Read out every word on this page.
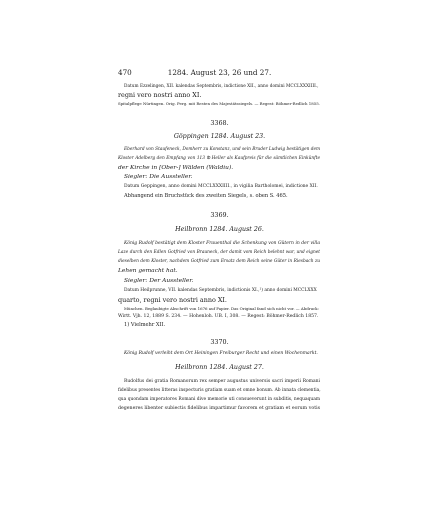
470	1284. August 23, 26 und 27.
Datum Ezzelingen, XII. kalendas Septembris, indictione XII., anno domini MCCLXXXIIII.,
regni vero nostri anno XI.
Spitalpflege Nürtingen. Orig. Perg. mit Resten des Majestätssiegels. — Regest: Böhmer-Redlich 1855.
3368.
Göppingen 1284. August 23.
Eberhard von Staufeneck, Domherr zu Konstanz, und sein Bruder Ludwig bestätigen dem
Kloster Adelberg den Empfang von 113 ℔ Heller als Kaufpreis für die sämtlichen Einkünfte
der Kirche in [Ober-] Wälden (Waldiu).
Siegler: Die Aussteller.
Datum Geppingen, anno domini MCCLXXXIIII., in vigilia Bartholomei, indictione XII.
Abhangend ein Bruchstück des zweiten Siegels, s. oben S. 465.
3369.
Heilbronn 1284. August 26.
König Rudolf bestätigt dem Kloster Frauenthal die Schenkung von Gütern in der villa
Laze durch den Edlen Gotfried von Brauneck, der damit vom Reich belehnt war, und eignet
dieselben dem Kloster, nachdem Gotfried zum Ersatz dem Reich seine Güter in Riesbach zu
Lehen gemacht hat.
Siegler: Der Aussteller.
Datum Heilprunne, VII. kalendas Septembris, indictionis XI.,¹) anno domini MCCLXXX
quarto, regni vero nostri anno XI.
München. Beglaubigte Abschrift von 1676 auf Papier. Das Original fand sich nicht vor. — Abdruck:
Wirtt. Vjh. 12, 1889 S. 234. — Hohenloh. UB. I, 308. — Regest: Böhmer-Redlich 1857.
1) Vielmehr XII.
3370.
König Rudolf verleiht dem Ort Heiningen Freiburger Recht und einen Wochenmarkt.
Heilbronn 1284. August 27.
Rudolfus dei gratia Romanorum rex semper augustus universis sacri imperii Romani
fidelibus presentes litteras inspecturis gratiam suam et omne bonum. Ab innata clementia,
qua quondam imperatores Romani dive memorie uti consueverunt in subditis, nequaquam
degeneres libenter subiectis fidelibus impartimur favorem et gratiam et eorum votis
